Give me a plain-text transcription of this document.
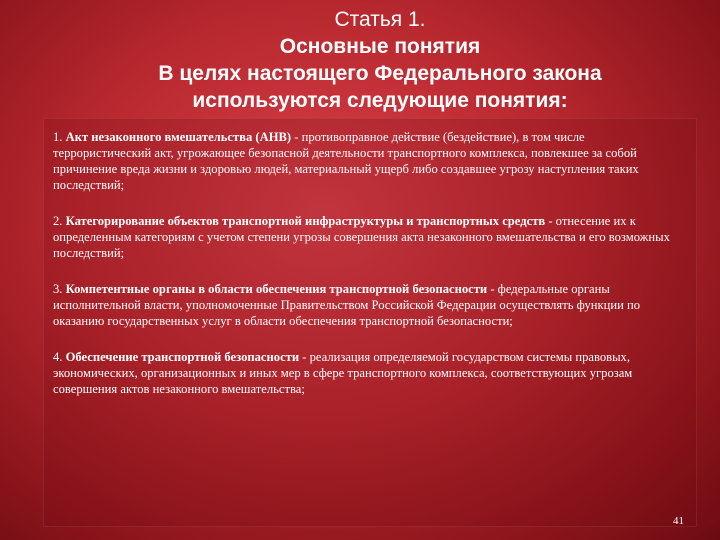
Статья 1.
Основные понятия
В целях настоящего Федерального закона
используются следующие понятия:

1. Акт незаконного вмешательства (АНВ) - противоправное действие (бездействие), в том числе террористический акт, угрожающее безопасной деятельности транспортного комплекса, повлекшее за собой причинение вреда жизни и здоровью людей, материальный ущерб либо создавшее угрозу наступления таких последствий;

2. Категорирование объектов транспортной инфраструктуры и транспортных средств - отнесение их к определенным категориям с учетом степени угрозы совершения акта незаконного вмешательства и его возможных последствий;

3. Компетентные органы в области обеспечения транспортной безопасности - федеральные органы исполнительной власти, уполномоченные Правительством Российской Федерации осуществлять функции по оказанию государственных услуг в области обеспечения транспортной безопасности;

4. Обеспечение транспортной безопасности - реализация определяемой государством системы правовых, экономических, организационных и иных мер в сфере транспортного комплекса, соответствующих угрозам совершения актов незаконного вмешательства;

41
